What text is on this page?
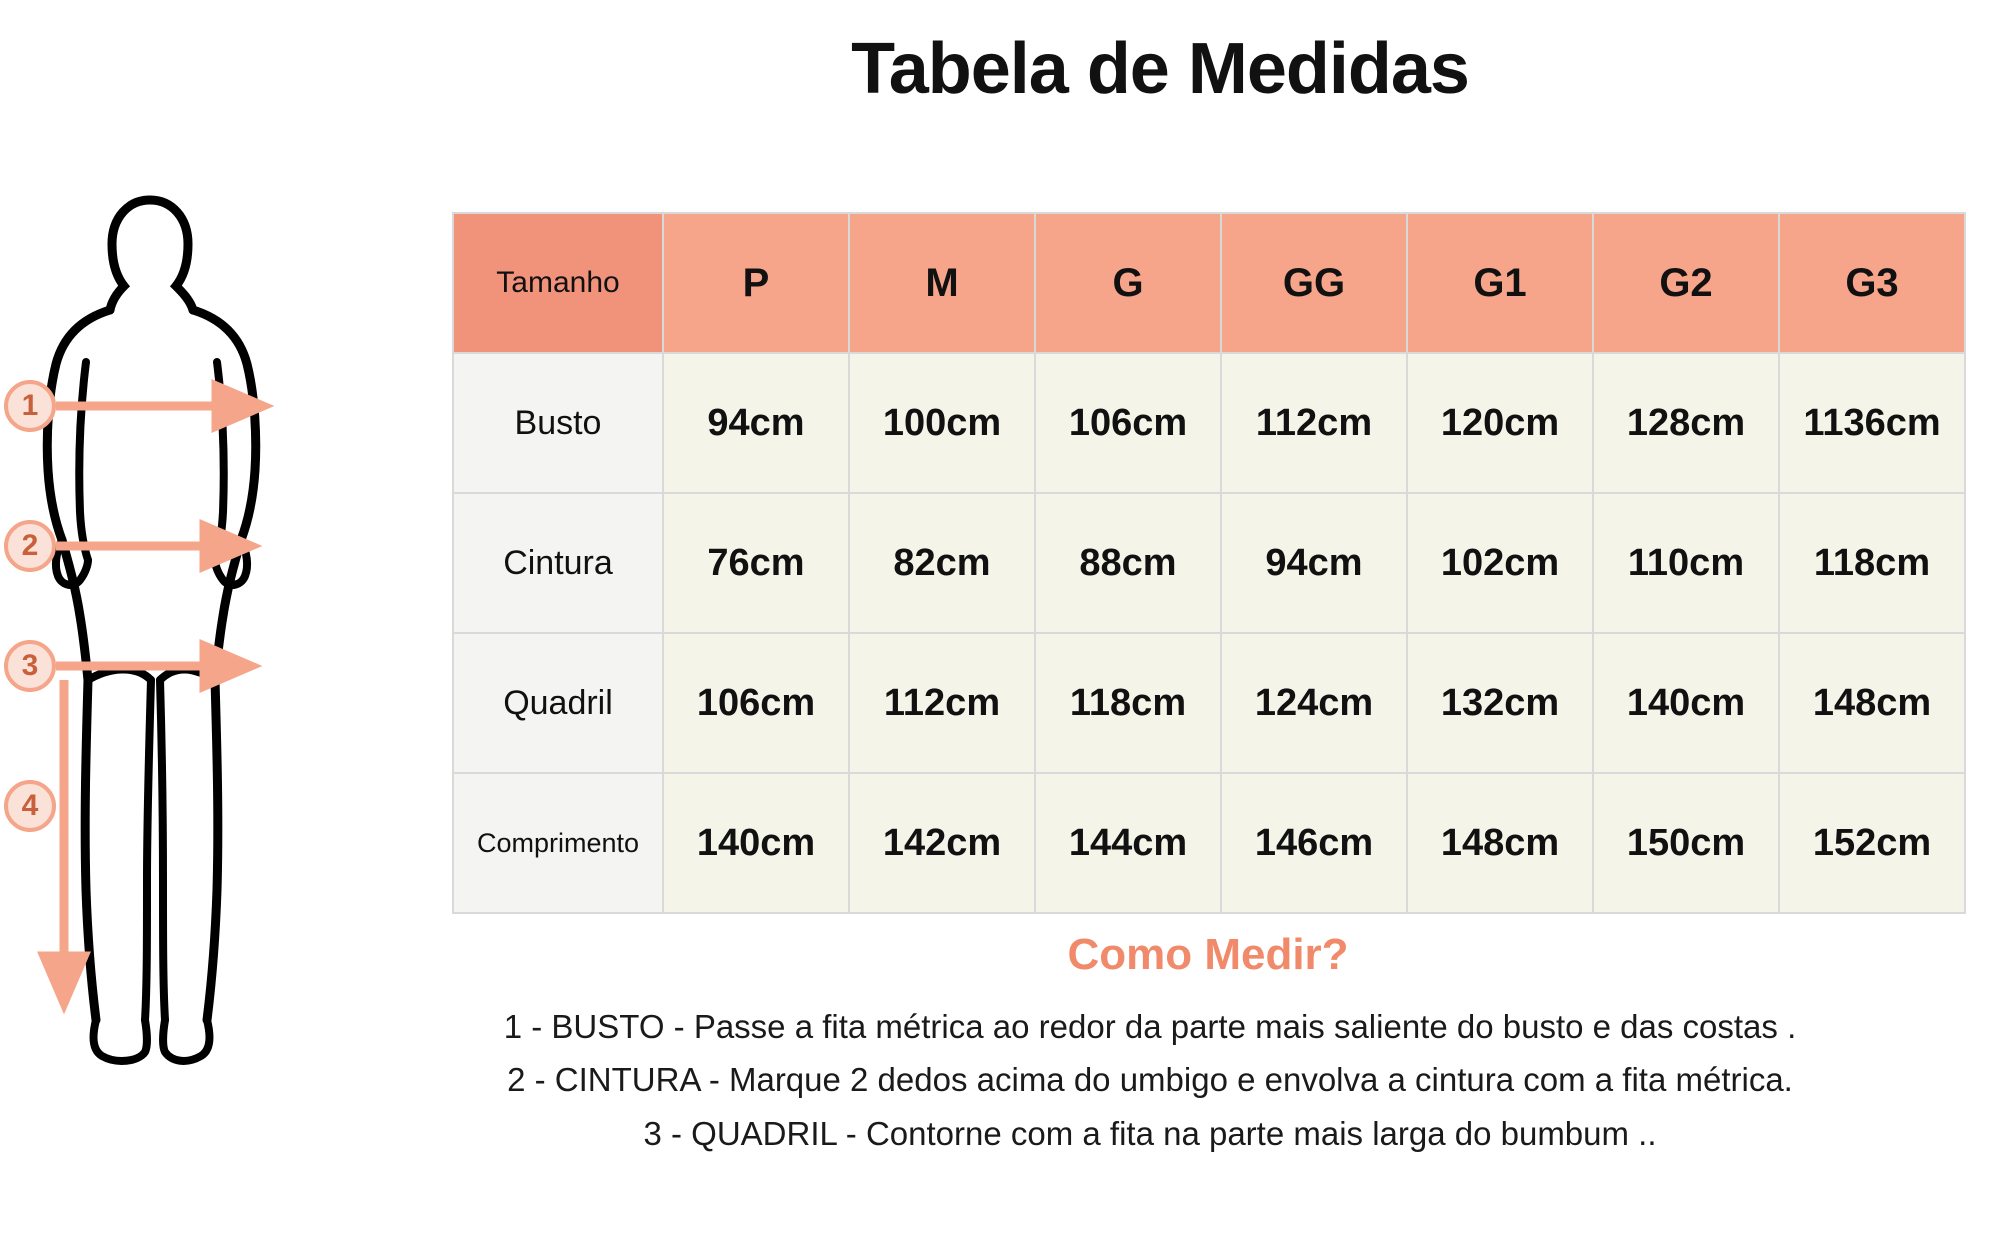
Tabela de Medidas
1
2
3
4
Tamanho	P	M	G	GG	G1	G2	G3
Busto	94cm	100cm	106cm	112cm	120cm	128cm	1136cm
Cintura	76cm	82cm	88cm	94cm	102cm	110cm	118cm
Quadril	106cm	112cm	118cm	124cm	132cm	140cm	148cm
Comprimento	140cm	142cm	144cm	146cm	148cm	150cm	152cm
Como Medir?
1 - BUSTO - Passe a fita métrica ao redor da parte mais saliente do busto e das costas .
2 - CINTURA - Marque 2 dedos acima do umbigo e envolva a cintura com a fita métrica.
3 - QUADRIL - Contorne com a fita na parte mais larga do bumbum ..
